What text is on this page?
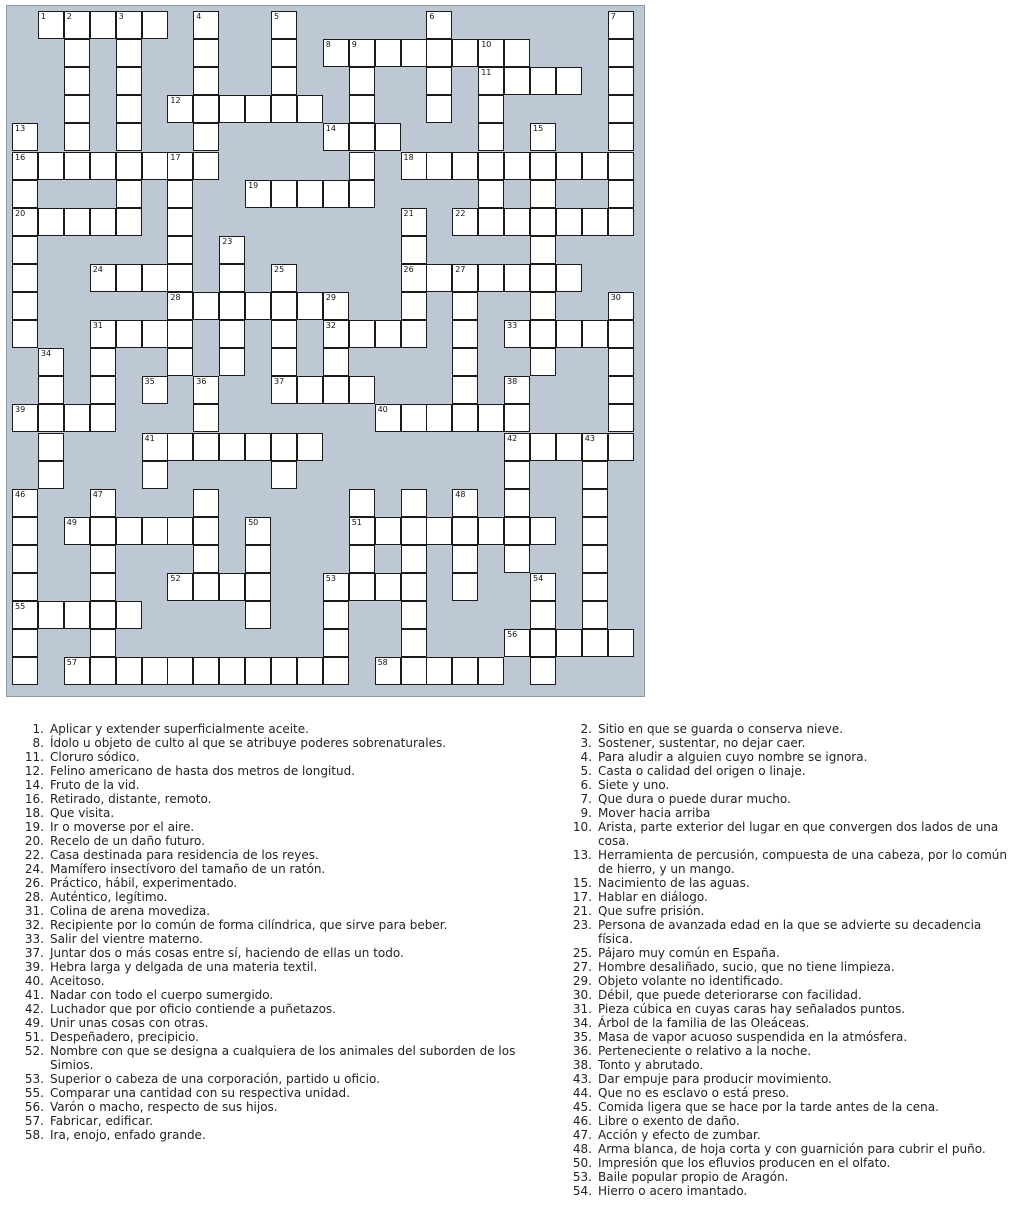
1	2	3	4	5	6	7
8	9	10
11
12
13	14	15
16	17	18
19
20	21	22
23
24	25	26	27
28	29	30
31	32	33
34
35	36	37	38
39	40
41	42	43
46	47	48
49	50	51
52	53	54
55
56
57	58
1. Aplicar y extender superficialmente aceite.
8. Ídolo u objeto de culto al que se atribuye poderes sobrenaturales.
11. Cloruro sódico.
12. Felino americano de hasta dos metros de longitud.
14. Fruto de la vid.
16. Retirado, distante, remoto.
18. Que visita.
19. Ir o moverse por el aire.
20. Recelo de un daño futuro.
22. Casa destinada para residencia de los reyes.
24. Mamífero insectívoro del tamaño de un ratón.
26. Práctico, hábil, experimentado.
28. Auténtico, legítimo.
31. Colina de arena movediza.
32. Recipiente por lo común de forma cilíndrica, que sirve para beber.
33. Salir del vientre materno.
37. Juntar dos o más cosas entre sí, haciendo de ellas un todo.
39. Hebra larga y delgada de una materia textil.
40. Aceitoso.
41. Nadar con todo el cuerpo sumergido.
42. Luchador que por oficio contiende a puñetazos.
49. Unir unas cosas con otras.
51. Despeñadero, precipicio.
52. Nombre con que se designa a cualquiera de los animales del suborden de los Simios.
53. Superior o cabeza de una corporación, partido u oficio.
55. Comparar una cantidad con su respectiva unidad.
56. Varón o macho, respecto de sus hijos.
57. Fabricar, edificar.
58. Ira, enojo, enfado grande.
2. Sitio en que se guarda o conserva nieve.
3. Sostener, sustentar, no dejar caer.
4. Para aludir a alguien cuyo nombre se ignora.
5. Casta o calidad del origen o linaje.
6. Siete y uno.
7. Que dura o puede durar mucho.
9. Mover hacia arriba
10. Arista, parte exterior del lugar en que convergen dos lados de una cosa.
13. Herramienta de percusión, compuesta de una cabeza, por lo común de hierro, y un mango.
15. Nacimiento de las aguas.
17. Hablar en diálogo.
21. Que sufre prisión.
23. Persona de avanzada edad en la que se advierte su decadencia física.
25. Pájaro muy común en España.
27. Hombre desaliñado, sucio, que no tiene limpieza.
29. Objeto volante no identificado.
30. Débil, que puede deteriorarse con facilidad.
31. Pieza cúbica en cuyas caras hay señalados puntos.
34. Árbol de la familia de las Oleáceas.
35. Masa de vapor acuoso suspendida en la atmósfera.
36. Perteneciente o relativo a la noche.
38. Tonto y abrutado.
43. Dar empuje para producir movimiento.
44. Que no es esclavo o está preso.
45. Comida ligera que se hace por la tarde antes de la cena.
46. Libre o exento de daño.
47. Acción y efecto de zumbar.
48. Arma blanca, de hoja corta y con guarnición para cubrir el puño.
50. Impresión que los efluvios producen en el olfato.
53. Baile popular propio de Aragón.
54. Hierro o acero imantado.
